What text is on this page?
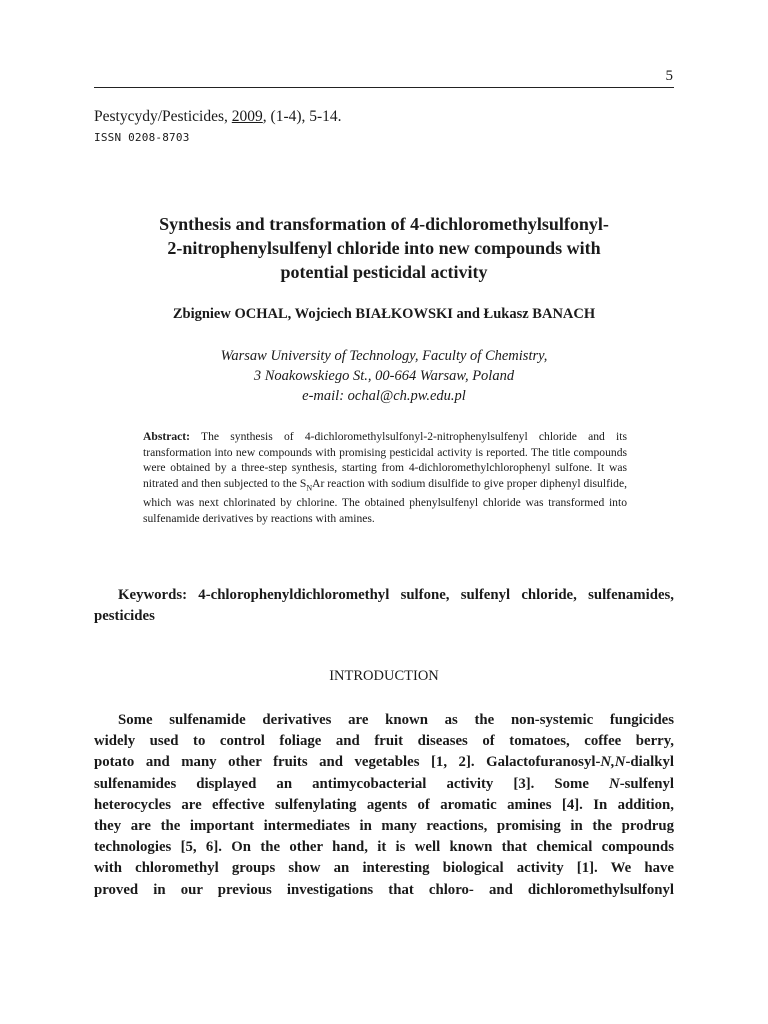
5
Pestycydy/Pesticides, 2009, (1-4), 5-14.
ISSN 0208-8703
Synthesis and transformation of 4-dichloromethylsulfonyl-
2-nitrophenylsulfenyl chloride into new compounds with
potential pesticidal activity
Zbigniew OCHAL, Wojciech BIAŁKOWSKI and Łukasz BANACH
Warsaw University of Technology, Faculty of Chemistry,
3 Noakowskiego St., 00-664 Warsaw, Poland
e-mail: ochal@ch.pw.edu.pl
Abstract: The synthesis of 4-dichloromethylsulfonyl-2-nitrophenylsulfenyl chloride and its transformation into new compounds with promising pesticidal activity is reported. The title compounds were obtained by a three-step synthesis, starting from 4-dichloromethylchlorophenyl sulfone. It was nitrated and then subjected to the $S_NAr$ reaction with sodium disulfide to give proper diphenyl disulfide, which was next chlorinated by chlorine. The obtained phenylsulfenyl chloride was transformed into sulfenamide derivatives by reactions with amines.
Keywords: 4-chlorophenyldichloromethyl sulfone, sulfenyl chloride, sulfenamides, pesticides
INTRODUCTION
Some sulfenamide derivatives are known as the non-systemic fungicides
widely used to control foliage and fruit diseases of tomatoes, coffee berry,
potato and many other fruits and vegetables [1, 2]. Galactofuranosyl-N,N-dialkyl
sulfenamides displayed an antimycobacterial activity [3]. Some N-sulfenyl
heterocycles are effective sulfenylating agents of aromatic amines [4]. In addition,
they are the important intermediates in many reactions, promising in the prodrug
technologies [5, 6]. On the other hand, it is well known that chemical compounds
with chloromethyl groups show an interesting biological activity [1]. We have
proved in our previous investigations that chloro- and dichloromethylsulfonyl
